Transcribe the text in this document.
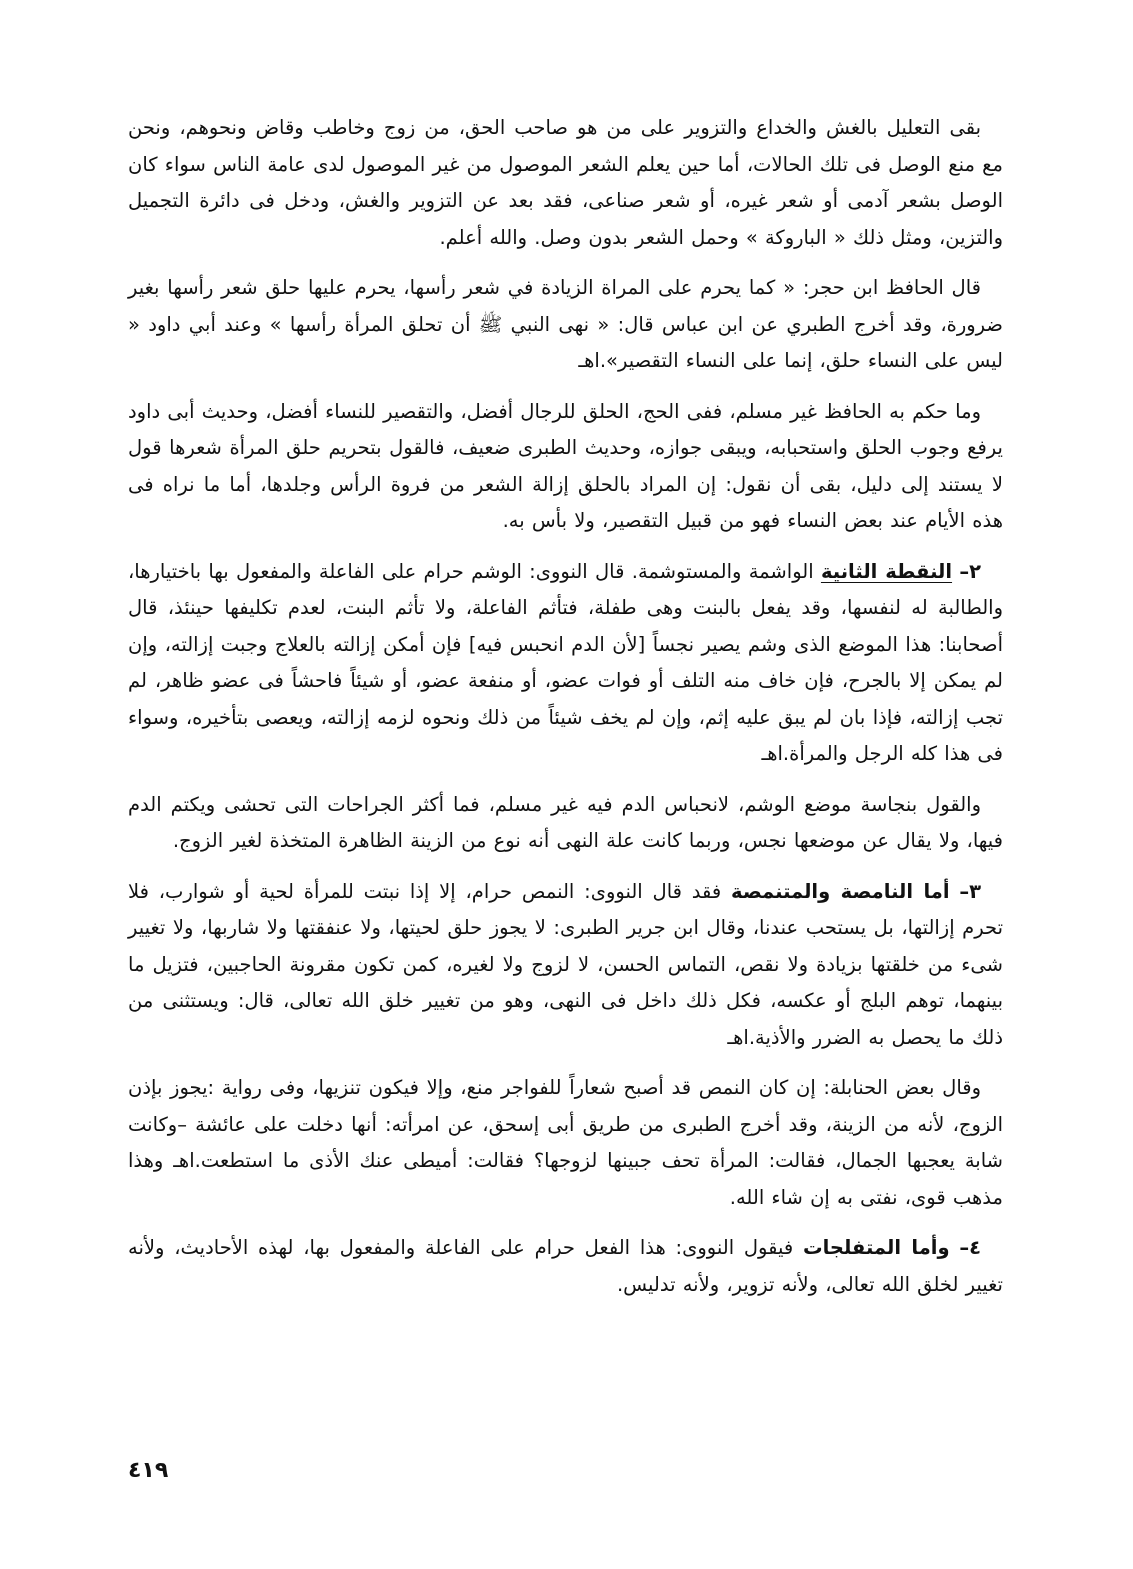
بقى التعليل بالغش والخداع والتزوير على من هو صاحب الحق، من زوج وخاطب وقاض ونحوهم، ونحن مع منع الوصل فى تلك الحالات، أما حين يعلم الشعر الموصول من غير الموصول لدى عامة الناس سواء كان الوصل بشعر آدمى أو شعر غيره، أو شعر صناعى، فقد بعد عن التزوير والغش، ودخل فى دائرة التجميل والتزين، ومثل ذلك « الباروكة » وحمل الشعر بدون وصل. والله أعلم.

قال الحافظ ابن حجر: « كما يحرم على المراة الزيادة في شعر رأسها، يحرم عليها حلق شعر رأسها بغير ضرورة، وقد أخرج الطبري عن ابن عباس قال: « نهى النبي ﷺ أن تحلق المرأة رأسها » وعند أبي داود « ليس على النساء حلق، إنما على النساء التقصير».اهـ

وما حكم به الحافظ غير مسلم، ففى الحج، الحلق للرجال أفضل، والتقصير للنساء أفضل، وحديث أبى داود يرفع وجوب الحلق واستحبابه، ويبقى جوازه، وحديث الطبرى ضعيف، فالقول بتحريم حلق المرأة شعرها قول لا يستند إلى دليل، بقى أن نقول: إن المراد بالحلق إزالة الشعر من فروة الرأس وجلدها، أما ما نراه فى هذه الأيام عند بعض النساء فهو من قبيل التقصير، ولا بأس به.

٢– النقطة الثانية الواشمة والمستوشمة. قال النووى: الوشم حرام على الفاعلة والمفعول بها باختيارها، والطالبة له لنفسها، وقد يفعل بالبنت وهى طفلة، فتأثم الفاعلة، ولا تأثم البنت، لعدم تكليفها حينئذ، قال أصحابنا: هذا الموضع الذى وشم يصير نجساً [لأن الدم انحبس فيه] فإن أمكن إزالته بالعلاج وجبت إزالته، وإن لم يمكن إلا بالجرح، فإن خاف منه التلف أو فوات عضو، أو منفعة عضو، أو شيئاً فاحشاً فى عضو ظاهر، لم تجب إزالته، فإذا بان لم يبق عليه إثم، وإن لم يخف شيئاً من ذلك ونحوه لزمه إزالته، ويعصى بتأخيره، وسواء فى هذا كله الرجل والمرأة.اهـ

والقول بنجاسة موضع الوشم، لانحباس الدم فيه غير مسلم، فما أكثر الجراحات التى تحشى ويكتم الدم فيها، ولا يقال عن موضعها نجس، وربما كانت علة النهى أنه نوع من الزينة الظاهرة المتخذة لغير الزوج.

٣– أما النامصة والمتنمصة فقد قال النووى: النمص حرام، إلا إذا نبتت للمرأة لحية أو شوارب، فلا تحرم إزالتها، بل يستحب عندنا، وقال ابن جرير الطبرى: لا يجوز حلق لحيتها، ولا عنفقتها ولا شاربها، ولا تغيير شىء من خلقتها بزيادة ولا نقص، التماس الحسن، لا لزوج ولا لغيره، كمن تكون مقرونة الحاجبين، فتزيل ما بينهما، توهم البلج أو عكسه، فكل ذلك داخل فى النهى، وهو من تغيير خلق الله تعالى، قال: ويستثنى من ذلك ما يحصل به الضرر والأذية.اهـ

وقال بعض الحنابلة: إن كان النمص قد أصبح شعاراً للفواجر منع، وإلا فيكون تنزيها، وفى رواية :يجوز بإذن الزوج، لأنه من الزينة، وقد أخرج الطبرى من طريق أبى إسحق، عن امرأته: أنها دخلت على عائشة –وكانت شابة يعجبها الجمال، فقالت: المرأة تحف جبينها لزوجها؟ فقالت: أميطى عنك الأذى ما استطعت.اهـ وهذا مذهب قوى، نفتى به إن شاء الله.

٤– وأما المتفلجات فيقول النووى: هذا الفعل حرام على الفاعلة والمفعول بها، لهذه الأحاديث، ولأنه تغيير لخلق الله تعالى، ولأنه تزوير، ولأنه تدليس.

٤١٩
